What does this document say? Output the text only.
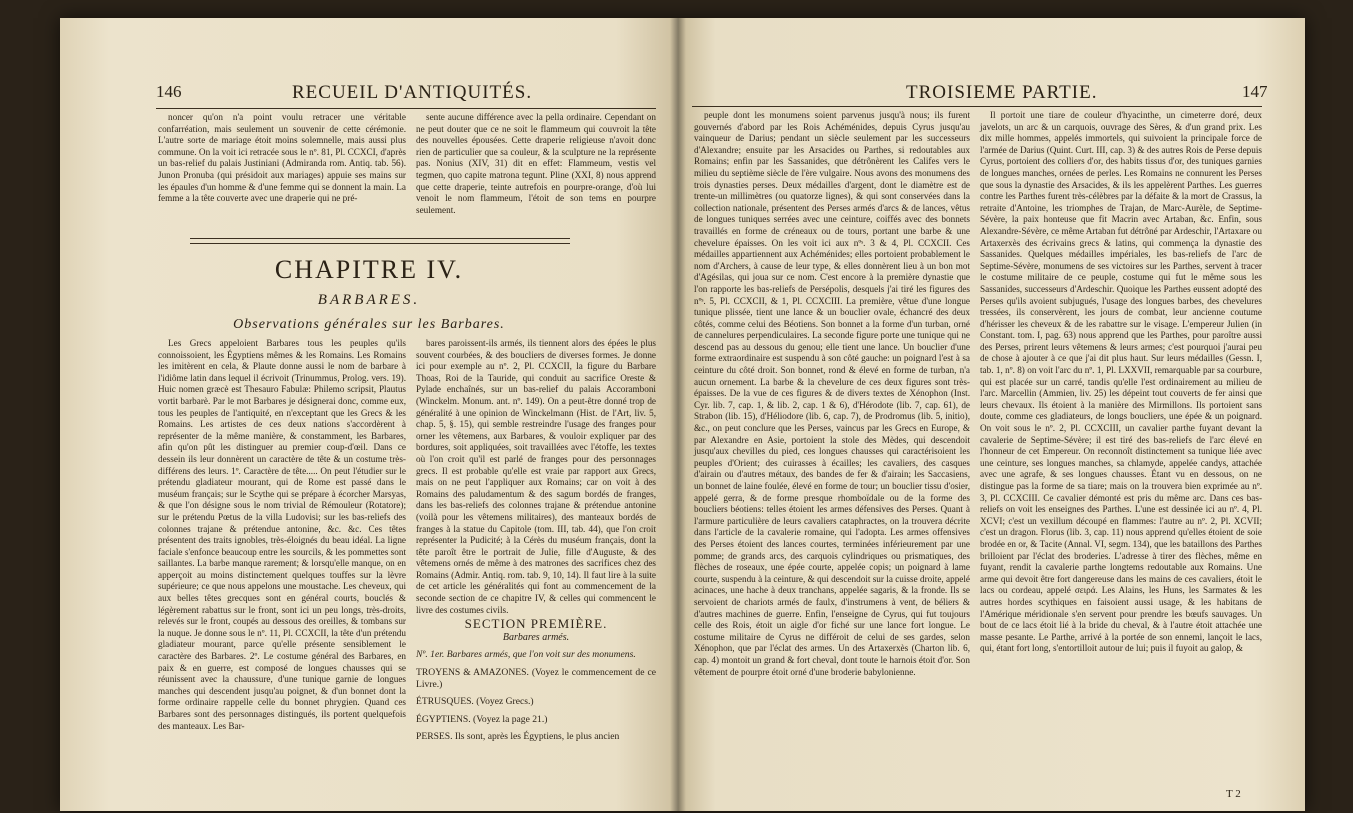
146	RECUEIL D'ANTIQUITÉS.

noncer qu'on n'a point voulu retracer une véritable confarréation, mais seulement un souvenir de cette cérémonie. L'autre sorte de mariage étoit moins solemnelle, mais aussi plus commune. On la voit ici retracée sous le nº. 81, Pl. CCXCI, d'après un bas-relief du palais Justiniani (Admiranda rom. Antiq. tab. 56). Junon Pronuba (qui présidoit aux mariages) appuie ses mains sur les épaules d'un homme & d'une femme qui se donnent la main. La femme a la tête couverte avec une draperie qui ne pré-

sente aucune différence avec la pella ordinaire. Cependant on ne peut douter que ce ne soit le flammeum qui couvroit la tête des nouvelles épousées. Cette draperie religieuse n'avoit donc rien de particulier que sa couleur, & la sculpture ne la représente pas. Nonius (XIV, 31) dit en effet: Flammeum, vestis vel tegmen, quo capite matrona tegunt. Pline (XXI, 8) nous apprend que cette draperie, teinte autrefois en pourpre-orange, d'où lui venoit le nom flammeum, l'étoit de son tems en pourpre seulement.

CHAPITRE IV.
BARBARES.
Observations générales sur les Barbares.

Les Grecs appeloient Barbares tous les peuples qu'ils connoissoient, les Égyptiens mêmes & les Romains. Les Romains les imitèrent en cela, & Plaute donne aussi le nom de barbare à l'idiôme latin dans lequel il écrivoit (Trinummus, Prolog. vers. 19). Huic nomen græcè est Thesauro Fabulæ: Philemo scripsit, Plautus vortit barbarè. Par le mot Barbares je désignerai donc, comme eux, tous les peuples de l'antiquité, en n'exceptant que les Grecs & les Romains. Les artistes de ces deux nations s'accordèrent à représenter de la même manière, & constamment, les Barbares, afin qu'on pût les distinguer au premier coup-d'œil. Dans ce dessein ils leur donnèrent un caractère de tête & un costume très-différens des leurs. 1º. Caractère de tête..... On peut l'étudier sur le prétendu gladiateur mourant, qui de Rome est passé dans le muséum français; sur le Scythe qui se prépare à écorcher Marsyas, & que l'on désigne sous le nom trivial de Rémouleur (Rotatore); sur le prétendu Pœtus de la villa Ludovisi; sur les bas-reliefs des colonnes trajane & prétendue antonine, &c. &c. Ces têtes présentent des traits ignobles, très-éloignés du beau idéal. La ligne faciale s'enfonce beaucoup entre les sourcils, & les pommettes sont saillantes. La barbe manque rarement; & lorsqu'elle manque, on en apperçoit au moins distinctement quelques touffes sur la lèvre supérieure; ce que nous appelons une moustache. Les cheveux, qui aux belles têtes grecques sont en général courts, bouclés & légèrement rabattus sur le front, sont ici un peu longs, très-droits, relevés sur le front, coupés au dessous des oreilles, & tombans sur la nuque. Je donne sous le nº. 11, Pl. CCXCII, la tête d'un prétendu gladiateur mourant, parce qu'elle présente sensiblement le caractère des Barbares. 2º. Le costume général des Barbares, en paix & en guerre, est composé de longues chausses qui se réunissent avec la chaussure, d'une tunique garnie de longues manches qui descendent jusqu'au poignet, & d'un bonnet dont la forme ordinaire rappelle celle du bonnet phrygien. Quand ces Barbares sont des personnages distingués, ils portent quelquefois des manteaux. Les Bar-

bares paroissent-ils armés, ils tiennent alors des épées le plus souvent courbées, & des boucliers de diverses formes. Je donne ici pour exemple au nº. 2, Pl. CCXCII, la figure du Barbare Thoas, Roi de la Tauride, qui conduit au sacrifice Oreste & Pylade enchaînés, sur un bas-relief du palais Accoramboni (Winckelm. Monum. ant. nº. 149). On a peut-être donné trop de généralité à une opinion de Winckelmann (Hist. de l'Art, liv. 5, chap. 5, §. 15), qui semble restreindre l'usage des franges pour orner les vêtemens, aux Barbares, & vouloir expliquer par des bordures, soit appliquées, soit travaillées avec l'étoffe, les textes où l'on croit qu'il est parlé de franges pour des personnages grecs. Il est probable qu'elle est vraie par rapport aux Grecs, mais on ne peut l'appliquer aux Romains; car on voit à des Romains des paludamentum & des sagum bordés de franges, dans les bas-reliefs des colonnes trajane & prétendue antonine (voilà pour les vêtemens militaires), des manteaux bordés de franges à la statue du Capitole (tom. III, tab. 44), que l'on croit représenter la Pudicité; à la Cérès du muséum français, dont la tête paroît être le portrait de Julie, fille d'Auguste, & des vêtemens ornés de même à des matrones des sacrifices chez des Romains (Admir. Antiq. rom. tab. 9, 10, 14). Il faut lire à la suite de cet article les généralités qui font au commencement de la seconde section de ce chapitre IV, & celles qui commencent le livre des costumes civils.

SECTION PREMIÈRE.

Barbares armés.

Nº. 1er. Barbares armés, que l'on voit sur des monumens.

TROYENS & AMAZONES. (Voyez le commencement de ce Livre.)

ÉTRUSQUES. (Voyez Grecs.)

ÉGYPTIENS. (Voyez la page 21.)

PERSES. Ils sont, après les Égyptiens, le plus ancien

TROISIEME PARTIE.	147

peuple dont les monumens soient parvenus jusqu'à nous; ils furent gouvernés d'abord par les Rois Achéménides, depuis Cyrus jusqu'au vainqueur de Darius; pendant un siècle seulement par les successeurs d'Alexandre; ensuite par les Arsacides ou Parthes, si redoutables aux Romains; enfin par les Sassanides, que détrônèrent les Califes vers le milieu du septième siècle de l'ère vulgaire. Nous avons des monumens des trois dynasties perses. Deux médailles d'argent, dont le diamètre est de trente-un millimètres (ou quatorze lignes), & qui sont conservées dans la collection nationale, présentent des Perses armés d'arcs & de lances, vêtus de longues tuniques serrées avec une ceinture, coiffés avec des bonnets travaillés en forme de créneaux ou de tours, portant une barbe & une chevelure épaisses. On les voit ici aux nºˢ. 3 & 4, Pl. CCXCII. Ces médailles appartiennent aux Achéménides; elles portoient probablement le nom d'Archers, à cause de leur type, & elles donnèrent lieu à un bon mot d'Agésilas, qui joua sur ce nom. C'est encore à la première dynastie que l'on rapporte les bas-reliefs de Persépolis, desquels j'ai tiré les figures des nºˢ. 5, Pl. CCXCII, & 1, Pl. CCXCIII. La première, vêtue d'une longue tunique plissée, tient une lance & un bouclier ovale, échancré des deux côtés, comme celui des Béotiens. Son bonnet a la forme d'un turban, orné de cannelures perpendiculaires. La seconde figure porte une tunique qui ne descend pas au dessous du genou; elle tient une lance. Un bouclier d'une forme extraordinaire est suspendu à son côté gauche: un poignard l'est à sa ceinture du côté droit. Son bonnet, rond & élevé en forme de turban, n'a aucun ornement. La barbe & la chevelure de ces deux figures sont très-épaisses. De la vue de ces figures & de divers textes de Xénophon (Inst. Cyr. lib. 7, cap. 1, & lib. 2, cap. 1 & 6), d'Hérodote (lib. 7, cap. 61), de Strabon (lib. 15), d'Héliodore (lib. 6, cap. 7), de Prodromus (lib. 5, initio), &c., on peut conclure que les Perses, vaincus par les Grecs en Europe, & par Alexandre en Asie, portoient la stole des Mèdes, qui descendoit jusqu'aux chevilles du pied, ces longues chausses qui caractérisoient les peuples d'Orient; des cuirasses à écailles; les cavaliers, des casques d'airain ou d'autres métaux, des bandes de fer & d'airain; les Saccasiens, un bonnet de laine foulée, élevé en forme de tour; un bouclier tissu d'osier, appelé gerra, & de forme presque rhomboïdale ou de la forme des boucliers béotiens: telles étoient les armes défensives des Perses. Quant à l'armure particulière de leurs cavaliers cataphractes, on la trouvera décrite dans l'article de la cavalerie romaine, qui l'adopta. Les armes offensives des Perses étoient des lances courtes, terminées inférieurement par une pomme; de grands arcs, des carquois cylindriques ou prismatiques, des flèches de roseaux, une épée courte, appelée copis; un poignard à lame courte, suspendu à la ceinture, & qui descendoit sur la cuisse droite, appelé acinaces, une hache à deux tranchans, appelée sagaris, & la fronde. Ils se servoient de chariots armés de faulx, d'instrumens à vent, de béliers & d'autres machines de guerre. Enfin, l'enseigne de Cyrus, qui fut toujours celle des Rois, étoit un aigle d'or fiché sur une lance fort longue. Le costume militaire de Cyrus ne différoit de celui de ses gardes, selon Xénophon, que par l'éclat des armes. Un des Artaxerxès (Charton lib. 6, cap. 4) montoit un grand & fort cheval, dont toute le harnois étoit d'or. Son vêtement de pourpre étoit orné d'une broderie babylonienne.

Il portoit une tiare de couleur d'hyacinthe, un cimeterre doré, deux javelots, un arc & un carquois, ouvrage des Sères, & d'un grand prix. Les dix mille hommes, appelés immortels, qui suivoient la principale force de l'armée de Darius (Quint. Curt. III, cap. 3) & des autres Rois de Perse depuis Cyrus, portoient des colliers d'or, des habits tissus d'or, des tuniques garnies de longues manches, ornées de perles. Les Romains ne connurent les Perses que sous la dynastie des Arsacides, & ils les appelèrent Parthes. Les guerres contre les Parthes furent très-célèbres par la défaite & la mort de Crassus, la retraite d'Antoine, les triomphes de Trajan, de Marc-Aurèle, de Septime-Sévère, la paix honteuse que fit Macrin avec Artaban, &c. Enfin, sous Alexandre-Sévère, ce même Artaban fut détrôné par Ardeschir, l'Artaxare ou Artaxerxès des écrivains grecs & latins, qui commença la dynastie des Sassanides. Quelques médailles impériales, les bas-reliefs de l'arc de Septime-Sévère, monumens de ses victoires sur les Parthes, servent à tracer le costume militaire de ce peuple, costume qui fut le même sous les Sassanides, successeurs d'Ardeschir. Quoique les Parthes eussent adopté des Perses qu'ils avoient subjugués, l'usage des longues barbes, des chevelures tressées, ils conservèrent, les jours de combat, leur ancienne coutume d'hérisser les cheveux & de les rabattre sur le visage. L'empereur Julien (in Constant. tom. I, pag. 63) nous apprend que les Parthes, pour paroître aussi des Perses, prirent leurs vêtemens & leurs armes; c'est pourquoi j'aurai peu de chose à ajouter à ce que j'ai dit plus haut. Sur leurs médailles (Gessn. I, tab. 1, nº. 8) on voit l'arc du nº. 1, Pl. LXXVII, remarquable par sa courbure, qui est placée sur un carré, tandis qu'elle l'est ordinairement au milieu de l'arc. Marcellin (Ammien, liv. 25) les dépeint tout couverts de fer ainsi que leurs chevaux. Ils étoient à la manière des Mirmillons. Ils portoient sans doute, comme ces gladiateurs, de longs boucliers, une épée & un poignard. On voit sous le nº. 2, Pl. CCXCIII, un cavalier parthe fuyant devant la cavalerie de Septime-Sévère; il est tiré des bas-reliefs de l'arc élevé en l'honneur de cet Empereur. On reconnoît distinctement sa tunique liée avec une ceinture, ses longues manches, sa chlamyde, appelée candys, attachée avec une agrafe, & ses longues chausses. Étant vu en dessous, on ne distingue pas la forme de sa tiare; mais on la trouvera bien exprimée au nº. 3, Pl. CCXCIII. Ce cavalier démonté est pris du même arc. Dans ces bas-reliefs on voit les enseignes des Parthes. L'une est dessinée ici au nº. 4, Pl. XCVI; c'est un vexillum découpé en flammes: l'autre au nº. 2, Pl. XCVII; c'est un dragon. Florus (lib. 3, cap. 11) nous apprend qu'elles étoient de soie brodée en or, & Tacite (Annal. VI, segm. 134), que les bataillons des Parthes brilloient par l'éclat des broderies. L'adresse à tirer des flèches, même en fuyant, rendit la cavalerie parthe longtems redoutable aux Romains. Une arme qui devoit être fort dangereuse dans les mains de ces cavaliers, étoit le lacs ou cordeau, appelé σειρά. Les Alains, les Huns, les Sarmates & les autres hordes scythiques en faisoient aussi usage, & les habitans de l'Amérique méridionale s'en servent pour prendre les bœufs sauvages. Un bout de ce lacs étoit lié à la bride du cheval, & à l'autre étoit attachée une masse pesante. Le Parthe, arrivé à la portée de son ennemi, lançoit le lacs, qui, étant fort long, s'entortilloit autour de lui; puis il fuyoit au galop, &

T 2
